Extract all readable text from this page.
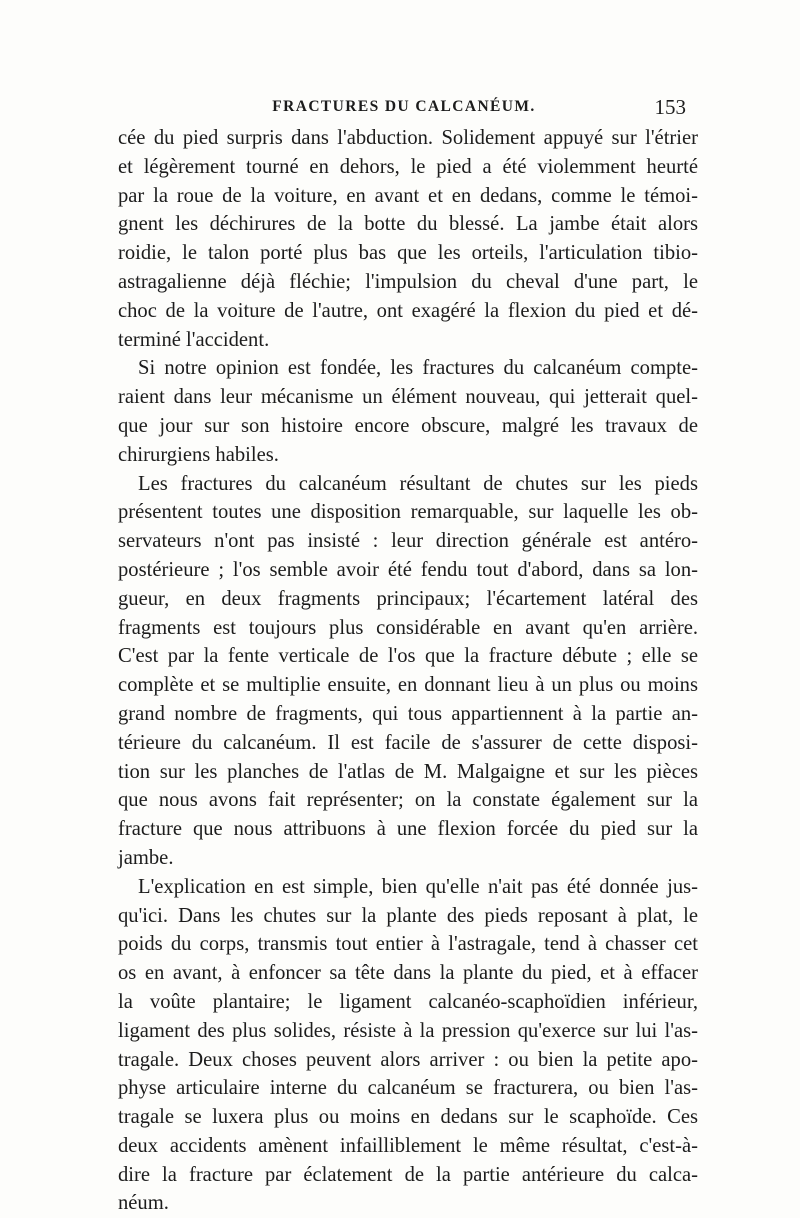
FRACTURES DU CALCANÉUM.	153
cée du pied surpris dans l'abduction. Solidement appuyé sur l'étrier
et légèrement tourné en dehors, le pied a été violemment heurté
par la roue de la voiture, en avant et en dedans, comme le témoi-
gnent les déchirures de la botte du blessé. La jambe était alors
roidie, le talon porté plus bas que les orteils, l'articulation tibio-
astragalienne déjà fléchie; l'impulsion du cheval d'une part, le
choc de la voiture de l'autre, ont exagéré la flexion du pied et dé-
terminé l'accident.
Si notre opinion est fondée, les fractures du calcanéum compte-
raient dans leur mécanisme un élément nouveau, qui jetterait quel-
que jour sur son histoire encore obscure, malgré les travaux de
chirurgiens habiles.
Les fractures du calcanéum résultant de chutes sur les pieds
présentent toutes une disposition remarquable, sur laquelle les ob-
servateurs n'ont pas insisté : leur direction générale est antéro-
postérieure ; l'os semble avoir été fendu tout d'abord, dans sa lon-
gueur, en deux fragments principaux; l'écartement latéral des
fragments est toujours plus considérable en avant qu'en arrière.
C'est par la fente verticale de l'os que la fracture débute ; elle se
complète et se multiplie ensuite, en donnant lieu à un plus ou moins
grand nombre de fragments, qui tous appartiennent à la partie an-
térieure du calcanéum. Il est facile de s'assurer de cette disposi-
tion sur les planches de l'atlas de M. Malgaigne et sur les pièces
que nous avons fait représenter; on la constate également sur la
fracture que nous attribuons à une flexion forcée du pied sur la
jambe.
L'explication en est simple, bien qu'elle n'ait pas été donnée jus-
qu'ici. Dans les chutes sur la plante des pieds reposant à plat, le
poids du corps, transmis tout entier à l'astragale, tend à chasser cet
os en avant, à enfoncer sa tête dans la plante du pied, et à effacer
la voûte plantaire; le ligament calcanéo-scaphoïdien inférieur,
ligament des plus solides, résiste à la pression qu'exerce sur lui l'as-
tragale. Deux choses peuvent alors arriver : ou bien la petite apo-
physe articulaire interne du calcanéum se fracturera, ou bien l'as-
tragale se luxera plus ou moins en dedans sur le scaphoïde. Ces
deux accidents amènent infailliblement le même résultat, c'est-à-
dire la fracture par éclatement de la partie antérieure du calca-
néum.
